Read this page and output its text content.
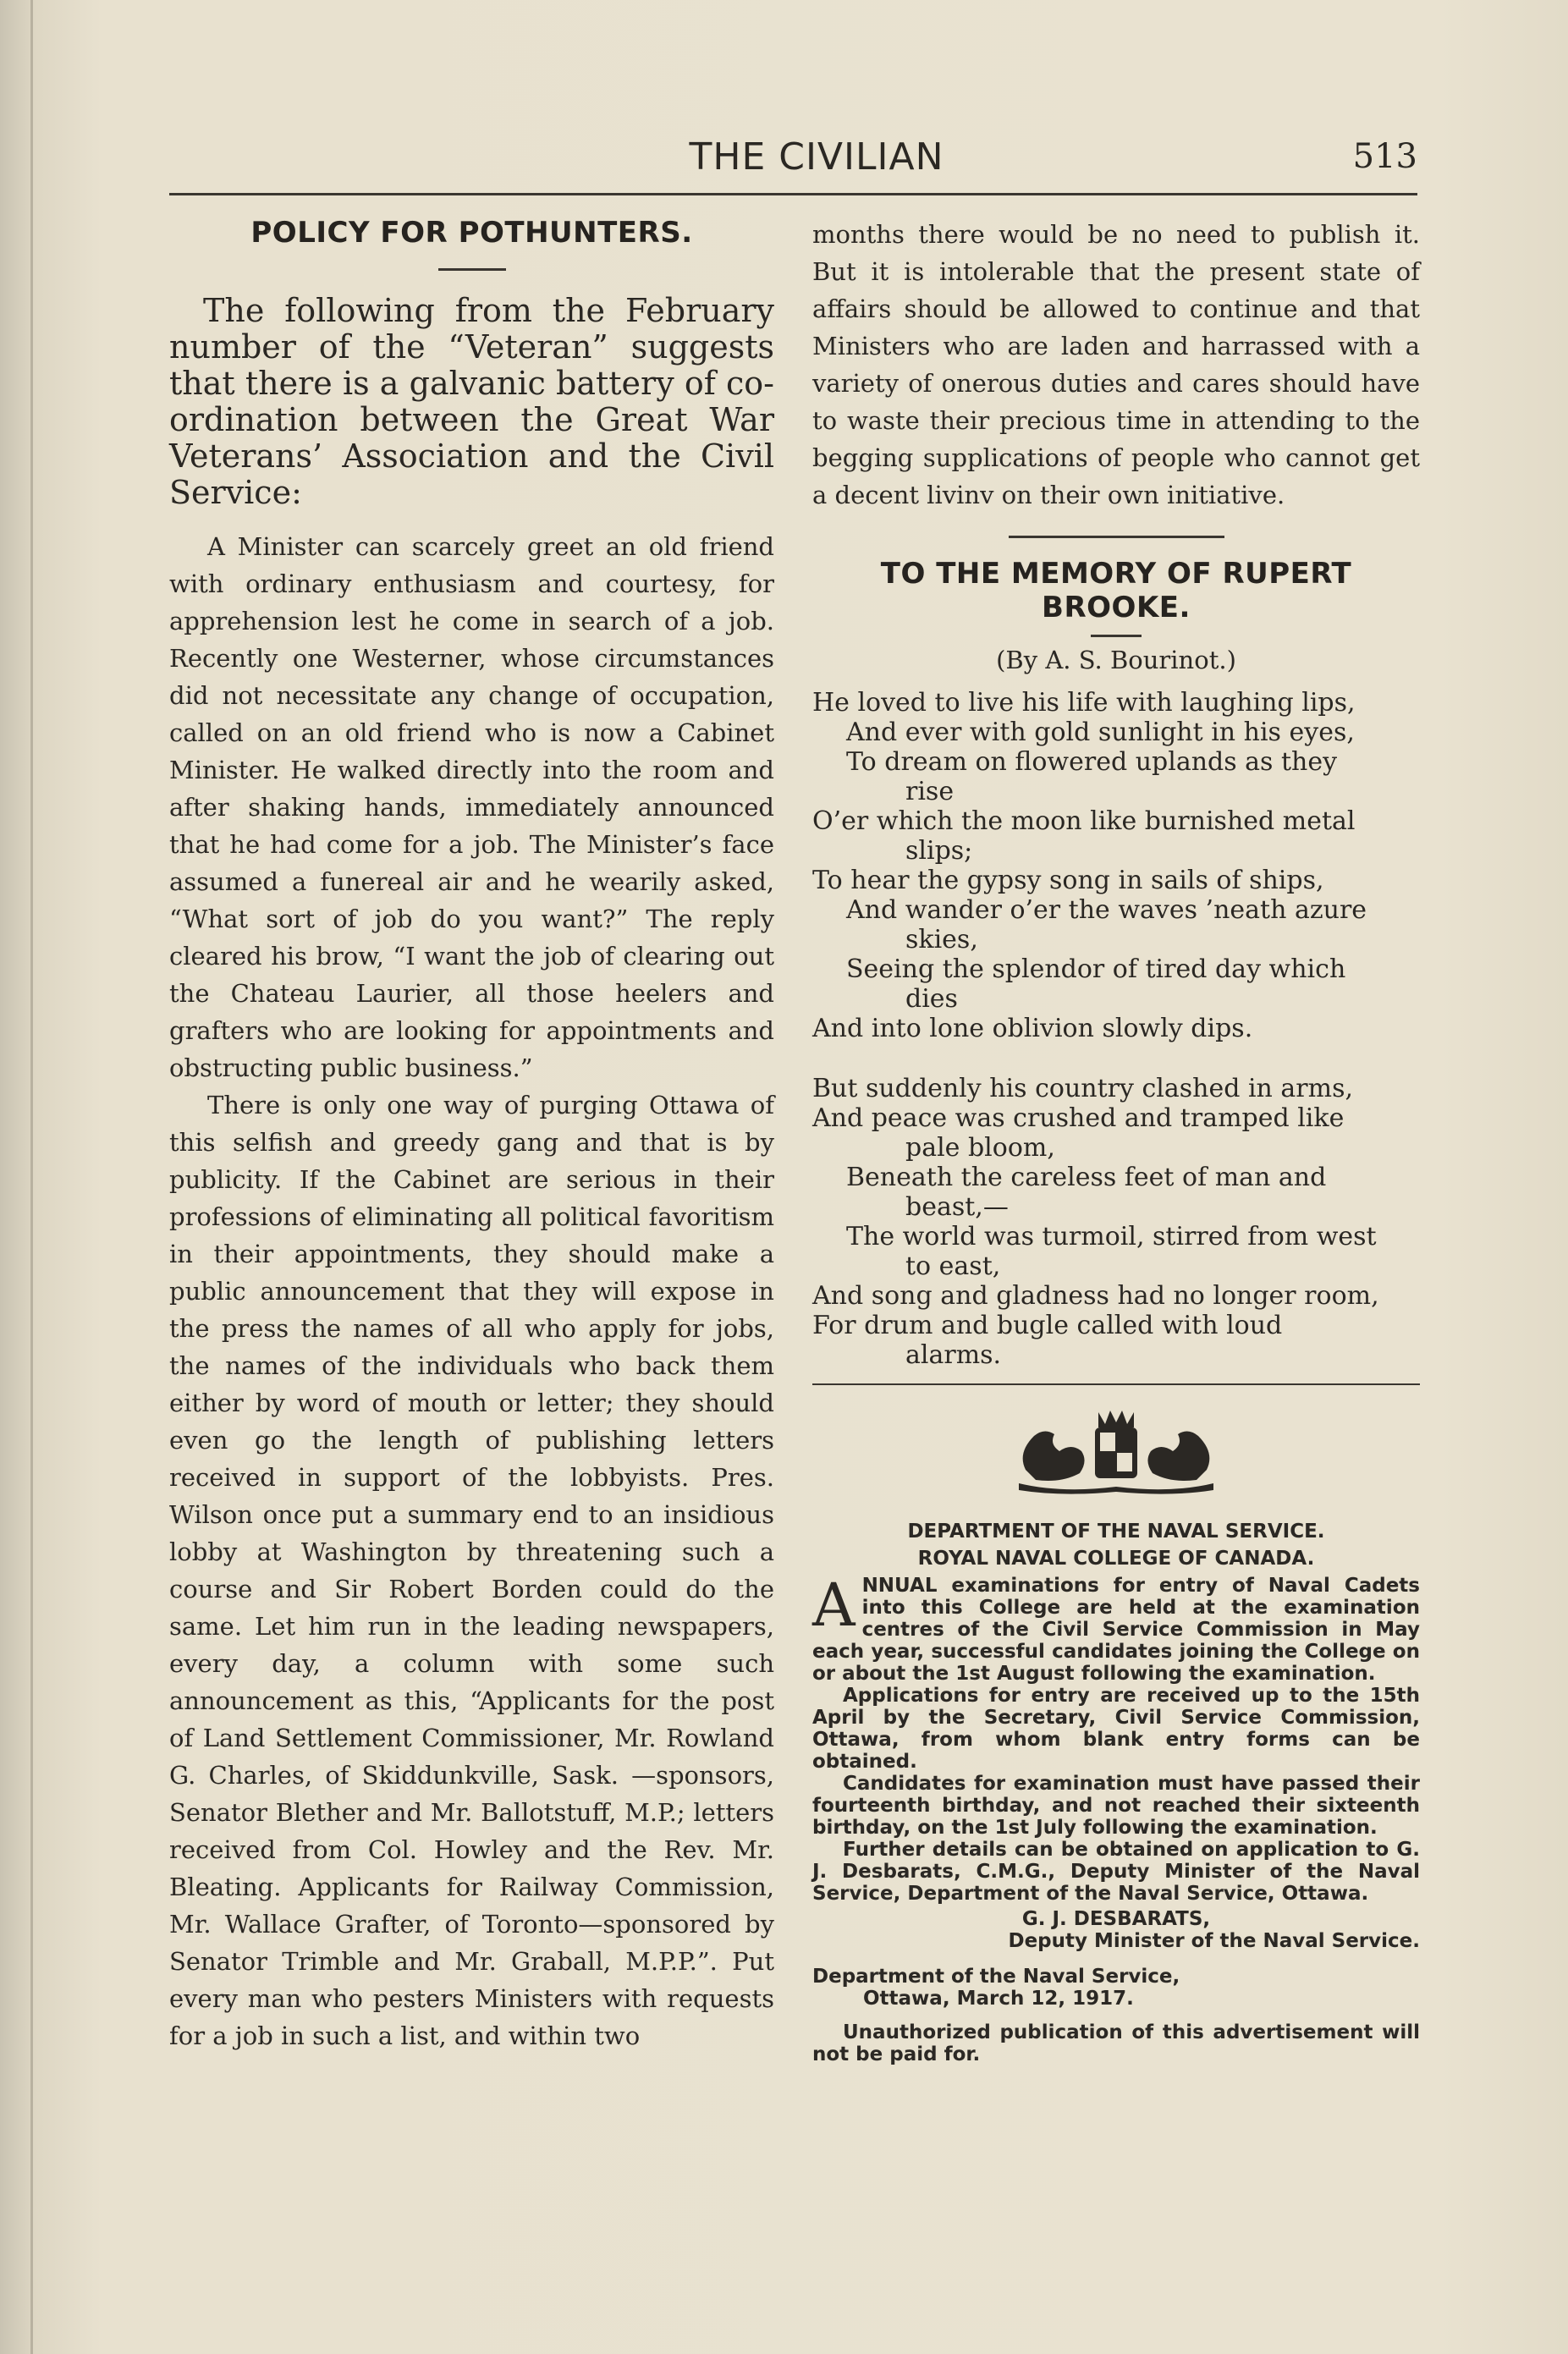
THE CIVILIAN	513
POLICY FOR POTHUNTERS.

The following from the February number of the “Veteran” suggests that there is a galvanic battery of co-ordination between the Great War Veterans’ Association and the Civil Service:

A Minister can scarcely greet an old friend with ordinary enthusiasm and courtesy, for apprehension lest he come in search of a job. Recently one Westerner, whose circumstances did not necessitate any change of occupation, called on an old friend who is now a Cabinet Minister. He walked directly into the room and after shaking hands, immediately announced that he had come for a job. The Minister’s face assumed a funereal air and he wearily asked, “What sort of job do you want?” The reply cleared his brow, “I want the job of clearing out the Chateau Laurier, all those heelers and grafters who are looking for appointments and obstructing public business.”

There is only one way of purging Ottawa of this selfish and greedy gang and that is by publicity. If the Cabinet are serious in their professions of eliminating all political favoritism in their appointments, they should make a public announcement that they will expose in the press the names of all who apply for jobs, the names of the individuals who back them either by word of mouth or letter; they should even go the length of publishing letters received in support of the lobbyists. Pres. Wilson once put a summary end to an insidious lobby at Washington by threatening such a course and Sir Robert Borden could do the same. Let him run in the leading newspapers, every day, a column with some such announcement as this, “Applicants for the post of Land Settlement Commissioner, Mr. Rowland G. Charles, of Skiddunkville, Sask. —sponsors, Senator Blether and Mr. Ballotstuff, M.P.; letters received from Col. Howley and the Rev. Mr. Bleating. Applicants for Railway Commission, Mr. Wallace Grafter, of Toronto—sponsored by Senator Trimble and Mr. Graball, M.P.P.”. Put every man who pesters Ministers with requests for a job in such a list, and within two

months there would be no need to publish it. But it is intolerable that the present state of affairs should be allowed to continue and that Ministers who are laden and harrassed with a variety of onerous duties and cares should have to waste their precious time in attending to the begging supplications of people who cannot get a decent livinv on their own initiative.

TO THE MEMORY OF RUPERT BROOKE.
(By A. S. Bourinot.)
He loved to live his life with laughing lips,
And ever with gold sunlight in his eyes,
To dream on flowered uplands as they
rise
O’er which the moon like burnished metal
slips;
To hear the gypsy song in sails of ships,
And wander o’er the waves ’neath azure
skies,
Seeing the splendor of tired day which
dies
And into lone oblivion slowly dips.
But suddenly his country clashed in arms,
And peace was crushed and tramped like
pale bloom,
Beneath the careless feet of man and
beast,—
The world was turmoil, stirred from west
to east,
And song and gladness had no longer room,
For drum and bugle called with loud
alarms.
DEPARTMENT OF THE NAVAL SERVICE.
ROYAL NAVAL COLLEGE OF CANADA.

ANNUAL examinations for entry of Naval Cadets into this College are held at the examination centres of the Civil Service Commission in May each year, successful candidates joining the College on or about the 1st August following the examination.

Applications for entry are received up to the 15th April by the Secretary, Civil Service Commission, Ottawa, from whom blank entry forms can be obtained.

Candidates for examination must have passed their fourteenth birthday, and not reached their sixteenth birthday, on the 1st July following the examination.

Further details can be obtained on application to G. J. Desbarats, C.M.G., Deputy Minister of the Naval Service, Department of the Naval Service, Ottawa.

G. J. DESBARATS,
Deputy Minister of the Naval Service.

Department of the Naval Service,

Ottawa, March 12, 1917.

Unauthorized publication of this advertisement will not be paid for.
